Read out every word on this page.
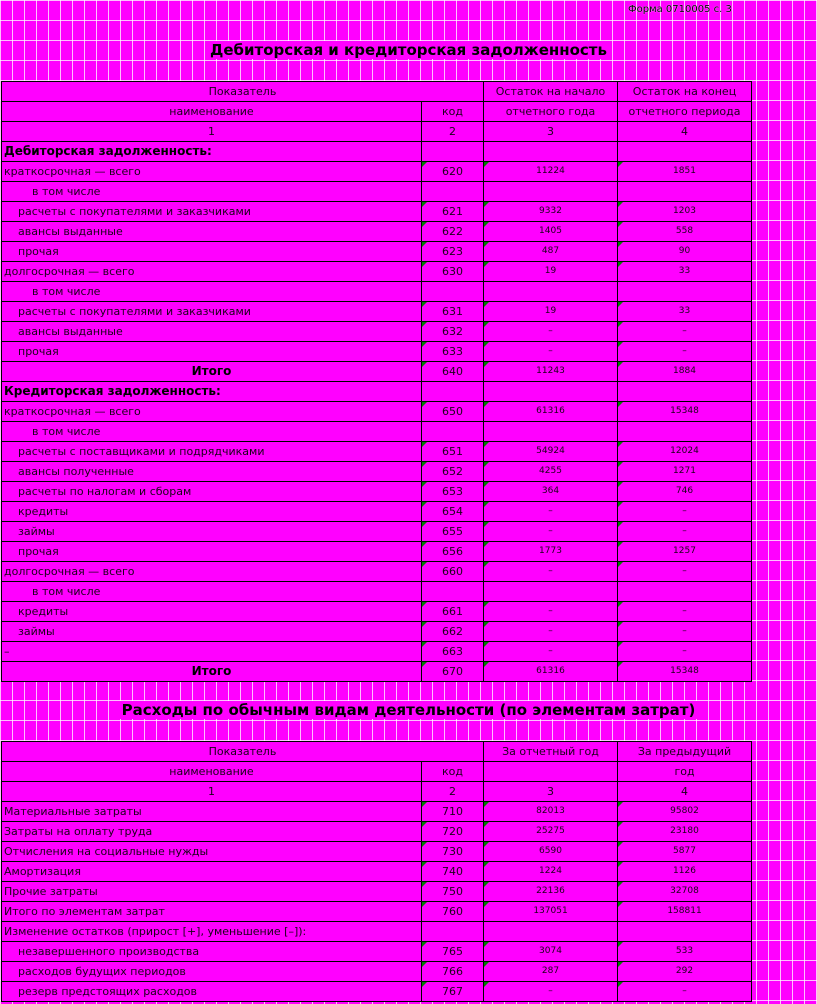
Форма 0710005 с. 3
Дебиторская и кредиторская задолженность
Показатель		Остаток на начало	Остаток на конец
наименование	код	отчетного года	отчетного периода
1	2	3	4
Дебиторская задолженность:			
краткосрочная — всего	620	11224	1851
в том числе			
расчеты с покупателями и заказчиками	621	9332	1203
авансы выданные	622	1405	558
прочая	623	487	90
долгосрочная — всего	630	19	33
в том числе			
расчеты с покупателями и заказчиками	631	19	33
авансы выданные	632	–	–
прочая	633	–	–
Итого	640	11243	1884
Кредиторская задолженность:			
краткосрочная — всего	650	61316	15348
в том числе			
расчеты с поставщиками и подрядчиками	651	54924	12024
авансы полученные	652	4255	1271
расчеты по налогам и сборам	653	364	746
кредиты	654	–	–
займы	655	–	–
прочая	656	1773	1257
долгосрочная — всего	660	–	–
в том числе			
кредиты	661	–	–
займы	662	–	–
–	663	–	–
Итого	670	61316	15348
Расходы по обычным видам деятельности (по элементам затрат)
Показатель		За отчетный год	За предыдущий
наименование	код		год
1	2	3	4
Материальные затраты	710	82013	95802
Затраты на оплату труда	720	25275	23180
Отчисления на социальные нужды	730	6590	5877
Амортизация	740	1224	1126
Прочие затраты	750	22136	32708
Итого по элементам затрат	760	137051	158811
Изменение остатков (прирост [+], уменьшение [–]):			
незавершенного производства	765	3074	533
расходов будущих периодов	766	287	292
резерв предстоящих расходов	767	–	–
